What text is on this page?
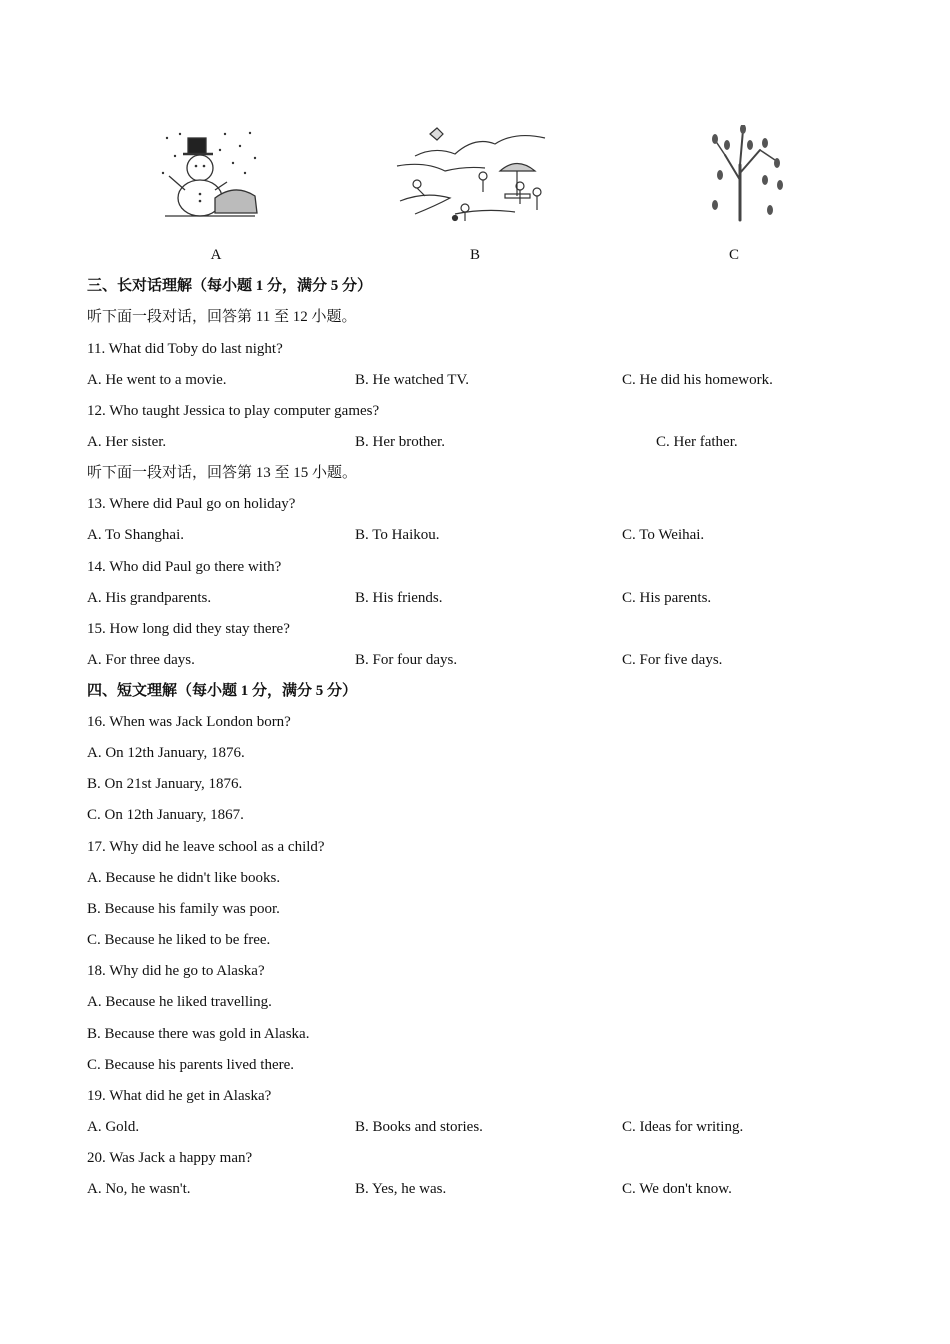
A	B	C
三、长对话理解（每小题 1 分，满分 5 分）
听下面一段对话，回答第 11 至 12 小题。
11. What did Toby do last night?
A. He went to a movie.	B. He watched TV.	C. He did his homework.
12. Who taught Jessica to play computer games?
A. Her sister.	B. Her brother.	C. Her father.
听下面一段对话，回答第 13 至 15 小题。
13. Where did Paul go on holiday?
A. To Shanghai.	B. To Haikou.	C. To Weihai.
14. Who did Paul go there with?
A. His grandparents.	B. His friends.	C. His parents.
15. How long did they stay there?
A. For three days.	B. For four days.	C. For five days.
四、短文理解（每小题 1 分，满分 5 分）
16. When was Jack London born?
A. On 12th January, 1876.
B. On 21st January, 1876.
C. On 12th January, 1867.
17. Why did he leave school as a child?
A. Because he didn't like books.
B. Because his family was poor.
C. Because he liked to be free.
18. Why did he go to Alaska?
A. Because he liked travelling.
B. Because there was gold in Alaska.
C. Because his parents lived there.
19. What did he get in Alaska?
A. Gold.	B. Books and stories.	C. Ideas for writing.
20. Was Jack a happy man?
A. No, he wasn't.	B. Yes, he was.	C. We don't know.
